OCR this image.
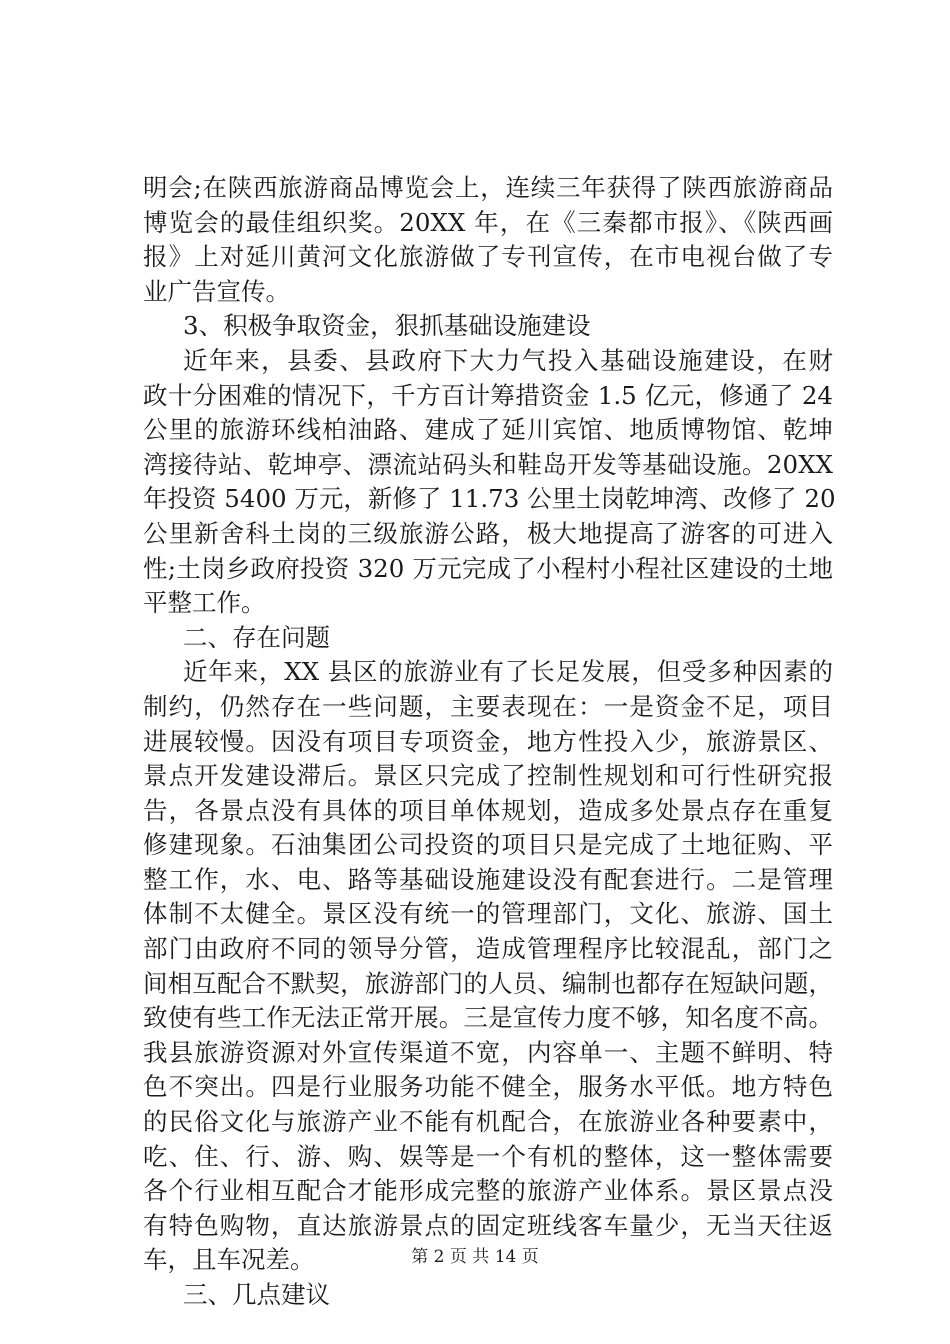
明会;在陕西旅游商品博览会上，连续三年获得了陕西旅游商品
博览会的最佳组织奖。20XX 年，在《三秦都市报》、《陕西画
报》上对延川黄河文化旅游做了专刊宣传，在市电视台做了专
业广告宣传。
3、积极争取资金，狠抓基础设施建设
近年来，县委、县政府下大力气投入基础设施建设，在财
政十分困难的情况下，千方百计筹措资金 1.5 亿元，修通了 24
公里的旅游环线柏油路、建成了延川宾馆、地质博物馆、乾坤
湾接待站、乾坤亭、漂流站码头和鞋岛开发等基础设施。20XX
年投资 5400 万元，新修了 11.73 公里土岗乾坤湾、改修了 20
公里新舍科土岗的三级旅游公路，极大地提高了游客的可进入
性;土岗乡政府投资 320 万元完成了小程村小程社区建设的土地
平整工作。
二、存在问题
近年来，XX 县区的旅游业有了长足发展，但受多种因素的
制约，仍然存在一些问题，主要表现在：一是资金不足，项目
进展较慢。因没有项目专项资金，地方性投入少，旅游景区、
景点开发建设滞后。景区只完成了控制性规划和可行性研究报
告，各景点没有具体的项目单体规划，造成多处景点存在重复
修建现象。石油集团公司投资的项目只是完成了土地征购、平
整工作，水、电、路等基础设施建设没有配套进行。二是管理
体制不太健全。景区没有统一的管理部门，文化、旅游、国土
部门由政府不同的领导分管，造成管理程序比较混乱，部门之
间相互配合不默契，旅游部门的人员、编制也都存在短缺问题，
致使有些工作无法正常开展。三是宣传力度不够，知名度不高。
我县旅游资源对外宣传渠道不宽，内容单一、主题不鲜明、特
色不突出。四是行业服务功能不健全，服务水平低。地方特色
的民俗文化与旅游产业不能有机配合，在旅游业各种要素中，
吃、住、行、游、购、娱等是一个有机的整体，这一整体需要
各个行业相互配合才能形成完整的旅游产业体系。景区景点没
有特色购物，直达旅游景点的固定班线客车量少，无当天往返
车，且车况差。
三、几点建议
第 2 页 共 14 页
